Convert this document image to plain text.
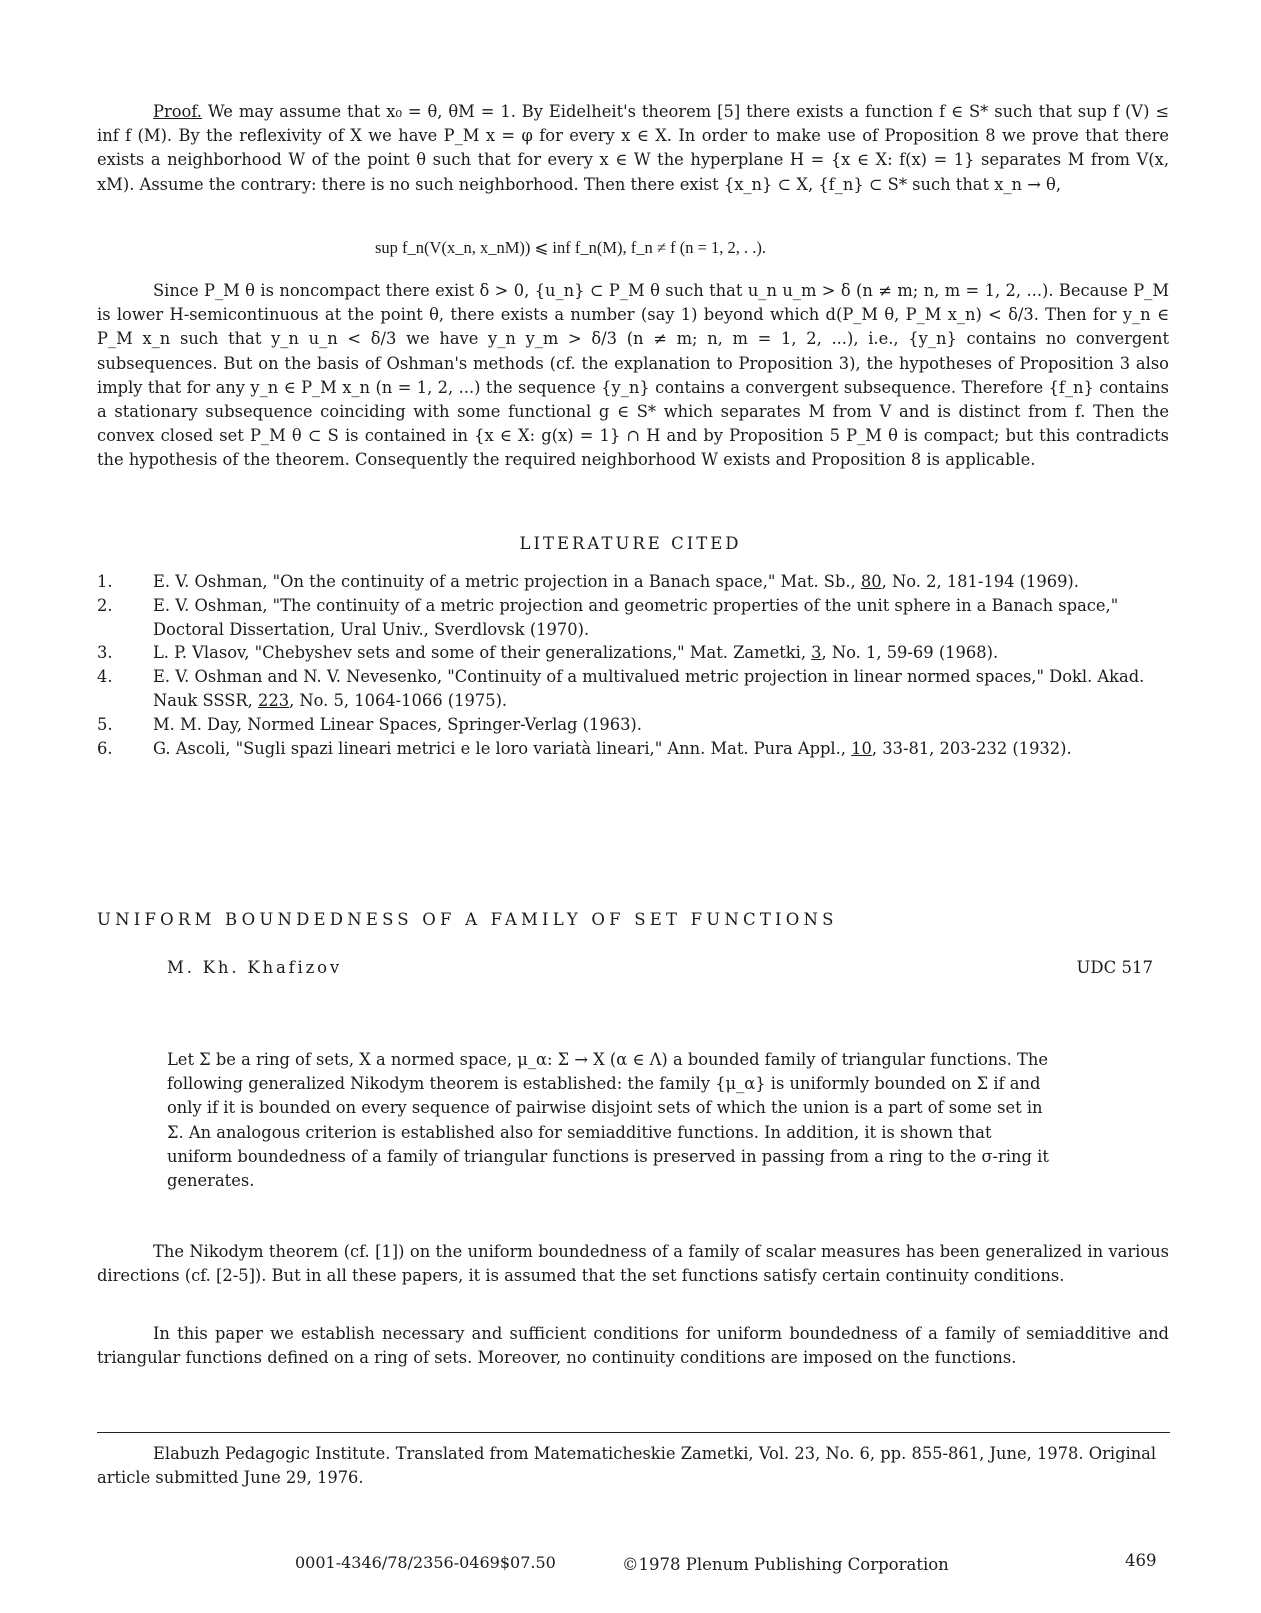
Proof. We may assume that x₀ = θ, θM = 1. By Eidelheit's theorem [5] there exists a function f ∈ S* such that sup f (V) ≤ inf f (M). By the reflexivity of X we have P_M x = φ for every x ∈ X. In order to make use of Proposition 8 we prove that there exists a neighborhood W of the point θ such that for every x ∈ W the hyperplane H = {x ∈ X: f(x) = 1} separates M from V(x, xM). Assume the contrary: there is no such neighborhood. Then there exist {x_n} ⊂ X, {f_n} ⊂ S* such that x_n → θ,

sup f_n(V(x_n, x_nM)) ⩽ inf f_n(M), f_n ≠ f (n = 1, 2, . .).

Since P_M θ is noncompact there exist δ > 0, {u_n} ⊂ P_M θ such that u_n u_m > δ (n ≠ m; n, m = 1, 2, ...). Because P_M is lower H-semicontinuous at the point θ, there exists a number (say 1) beyond which d(P_M θ, P_M x_n) < δ/3. Then for y_n ∈ P_M x_n such that y_n u_n < δ/3 we have y_n y_m > δ/3 (n ≠ m; n, m = 1, 2, ...), i.e., {y_n} contains no convergent subsequences. But on the basis of Oshman's methods (cf. the explanation to Proposition 3), the hypotheses of Proposition 3 also imply that for any y_n ∈ P_M x_n (n = 1, 2, ...) the sequence {y_n} contains a convergent subsequence. Therefore {f_n} contains a stationary subsequence coinciding with some functional g ∈ S* which separates M from V and is distinct from f. Then the convex closed set P_M θ ⊂ S is contained in {x ∈ X: g(x) = 1} ∩ H and by Proposition 5 P_M θ is compact; but this contradicts the hypothesis of the theorem. Consequently the required neighborhood W exists and Proposition 8 is applicable.

LITERATURE CITED
1.	E. V. Oshman, "On the continuity of a metric projection in a Banach space," Mat. Sb., 80, No. 2, 181-194 (1969).
2.	E. V. Oshman, "The continuity of a metric projection and geometric properties of the unit sphere in a Banach space," Doctoral Dissertation, Ural Univ., Sverdlovsk (1970).
3.	L. P. Vlasov, "Chebyshev sets and some of their generalizations," Mat. Zametki, 3, No. 1, 59-69 (1968).
4.	E. V. Oshman and N. V. Nevesenko, "Continuity of a multivalued metric projection in linear normed spaces," Dokl. Akad. Nauk SSSR, 223, No. 5, 1064-1066 (1975).
5.	M. M. Day, Normed Linear Spaces, Springer-Verlag (1963).
6.	G. Ascoli, "Sugli spazi lineari metrici e le loro variatà lineari," Ann. Mat. Pura Appl., 10, 33-81, 203-232 (1932).
UNIFORM BOUNDEDNESS OF A FAMILY OF SET FUNCTIONS
M. Kh. Khafizov	UDC 517

Let Σ be a ring of sets, X a normed space, μ_α: Σ → X (α ∈ Λ) a bounded family of triangular functions. The following generalized Nikodym theorem is established: the family {μ_α} is uniformly bounded on Σ if and only if it is bounded on every sequence of pairwise disjoint sets of which the union is a part of some set in Σ. An analogous criterion is established also for semiadditive functions. In addition, it is shown that uniform boundedness of a family of triangular functions is preserved in passing from a ring to the σ-ring it generates.

The Nikodym theorem (cf. [1]) on the uniform boundedness of a family of scalar measures has been generalized in various directions (cf. [2-5]). But in all these papers, it is assumed that the set functions satisfy certain continuity conditions.

In this paper we establish necessary and sufficient conditions for uniform boundedness of a family of semiadditive and triangular functions defined on a ring of sets. Moreover, no continuity conditions are imposed on the functions.

Elabuzh Pedagogic Institute. Translated from Matematicheskie Zametki, Vol. 23, No. 6, pp. 855-861, June, 1978. Original article submitted June 29, 1976.

0001-4346/78/2356-0469$07.50	©1978 Plenum Publishing Corporation	469
